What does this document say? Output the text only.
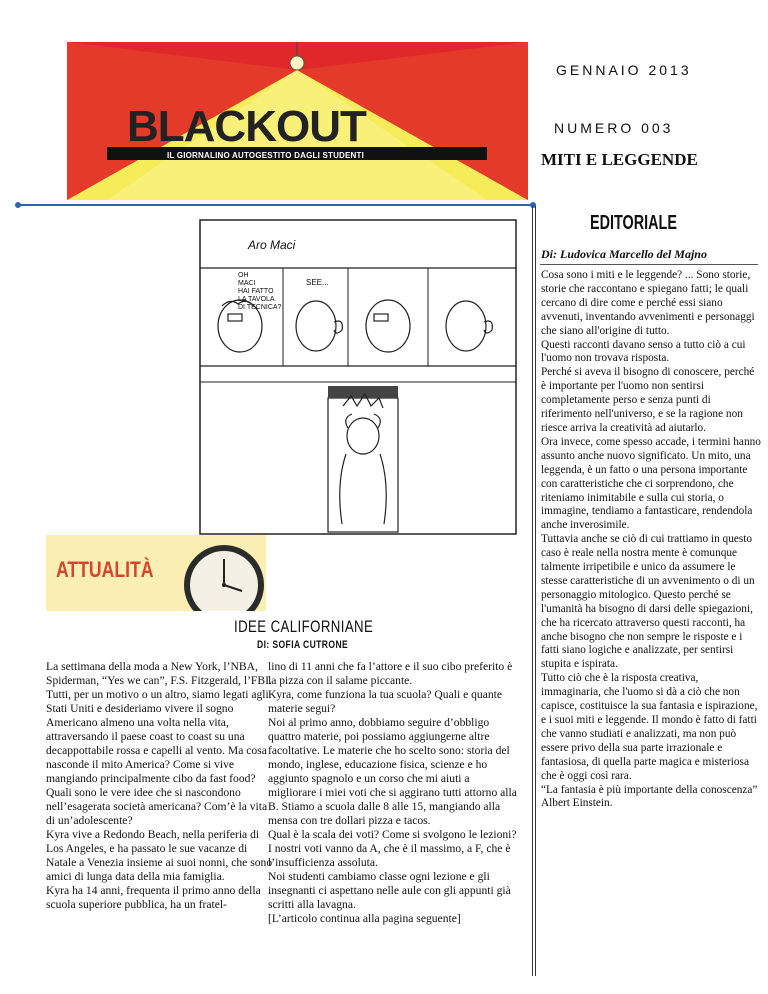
BLACKOUT
IL GIORNALINO AUTOGESTITO DAGLI STUDENTI
GENNAIO 2013
NUMERO 003
MITI E LEGGENDE
Aro Maci
OH
MACI
HAI FATTO
LA TAVOLA
DI TECNICA?
SEE...
EDITORIALE
Di: Ludovica Marcello del Majno

Cosa sono i miti e le leggende? ... Sono storie, storie che raccontano e spiegano fatti; le quali cercano di dire come e perché essi siano avvenuti, inventando avvenimenti e personaggi che siano all'origine di tutto.

Questi racconti davano senso a tutto ciò a cui l'uomo non trovava risposta.

Perché si aveva il bisogno di conoscere, perché è importante per l'uomo non sentirsi completamente perso e senza punti di riferimento nell'universo, e se la ragione non riesce arriva la creatività ad aiutarlo.

Ora invece, come spesso accade, i termini hanno assunto anche nuovo significato. Un mito, una leggenda, è un fatto o una persona importante con caratteristiche che ci sorprendono, che riteniamo inimitabile e sulla cui storia, o immagine, tendiamo a fantasticare, rendendola anche inverosimile.

Tuttavia anche se ciò di cui trattiamo in questo caso è reale nella nostra mente è comunque talmente irripetibile e unico da assumere le stesse caratteristiche di un avvenimento o di un personaggio mitologico. Questo perché se l'umanità ha bisogno di darsi delle spiegazioni, che ha ricercato attraverso questi racconti, ha anche bisogno che non sempre le risposte e i fatti siano logiche e analizzate, per sentirsi stupita e ispirata.

Tutto ciò che è la risposta creativa, immaginaria, che l'uomo si dà a ciò che non capisce, costituisce la sua fantasia e ispirazione, e i suoi miti e leggende. Il mondo è fatto di fatti che vanno studiati e analizzati, ma non può essere privo della sua parte irrazionale e fantasiosa, di quella parte magica e misteriosa che è oggi così rara.

“La fantasia è più importante della conoscenza” Albert Einstein.

ATTUALITÀ
IDEE CALIFORNIANE
DI: SOFIA CUTRONE

La settimana della moda a New York, l’NBA, Spiderman, “Yes we can”, F.S. Fitzgerald, l’FBI.

Tutti, per un motivo o un altro, siamo legati agli Stati Uniti e desideriamo vivere il sogno Americano almeno una volta nella vita, attraversando il paese coast to coast su una decappottabile rossa e capelli al vento. Ma cosa nasconde il mito America? Come si vive mangiando principalmente cibo da fast food? Quali sono le vere idee che si nascondono nell’esagerata società americana? Com’è la vita di un’adolescente?

Kyra vive a Redondo Beach, nella periferia di Los Angeles, e ha passato le sue vacanze di Natale a Venezia insieme ai suoi nonni, che sono amici di lunga data della mia famiglia.

Kyra ha 14 anni, frequenta il primo anno della scuola superiore pubblica, ha un fratel-

lino di 11 anni che fa l’attore e il suo cibo preferito è la pizza con il salame piccante.

Kyra, come funziona la tua scuola? Quali e quante materie segui?

Noi al primo anno, dobbiamo seguire d’obbligo quattro materie, poi possiamo aggiungerne altre facoltative. Le materie che ho scelto sono: storia del mondo, inglese, educazione fisica, scienze e ho aggiunto spagnolo e un corso che mi aiuti a migliorare i miei voti che si aggirano tutti attorno alla B. Stiamo a scuola dalle 8 alle 15, mangiando alla mensa con tre dollari pizza e tacos.

Qual è la scala dei voti? Come si svolgono le lezioni?I nostri voti vanno da A, che è il massimo, a F, che è l’insufficienza assoluta.

Noi studenti cambiamo classe ogni lezione e gli insegnanti ci aspettano nelle aule con gli appunti già scritti alla lavagna.

[L’articolo continua alla pagina seguente]
